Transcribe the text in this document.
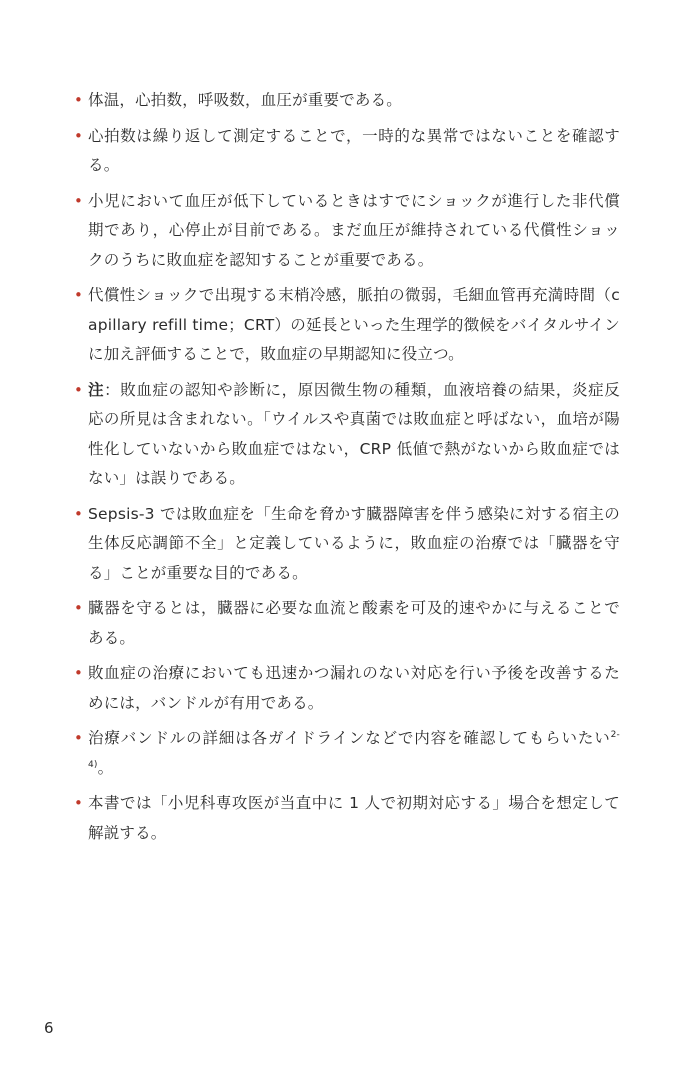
• 体温，心拍数，呼吸数，血圧が重要である。
• 心拍数は繰り返して測定することで，一時的な異常ではないことを確認する。
• 小児において血圧が低下しているときはすでにショックが進行した非代償期であり，心停止が目前である。まだ血圧が維持されている代償性ショックのうちに敗血症を認知することが重要である。
• 代償性ショックで出現する末梢冷感，脈拍の微弱，毛細血管再充満時間（capillary refill time；CRT）の延長といった生理学的徴候をバイタルサインに加え評価することで，敗血症の早期認知に役立つ。
• 注：敗血症の認知や診断に，原因微生物の種類，血液培養の結果，炎症反応の所見は含まれない。「ウイルスや真菌では敗血症と呼ばない，血培が陽性化していないから敗血症ではない，CRP 低値で熱がないから敗血症ではない」は誤りである。
• Sepsis-3 では敗血症を「生命を脅かす臓器障害を伴う感染に対する宿主の生体反応調節不全」と定義しているように，敗血症の治療では「臓器を守る」ことが重要な目的である。
• 臓器を守るとは，臓器に必要な血流と酸素を可及的速やかに与えることである。
• 敗血症の治療においても迅速かつ漏れのない対応を行い予後を改善するためには，バンドルが有用である。
• 治療バンドルの詳細は各ガイドラインなどで内容を確認してもらいたい$^{2-4)}$。
• 本書では「小児科専攻医が当直中に 1 人で初期対応する」場合を想定して解説する。
6
